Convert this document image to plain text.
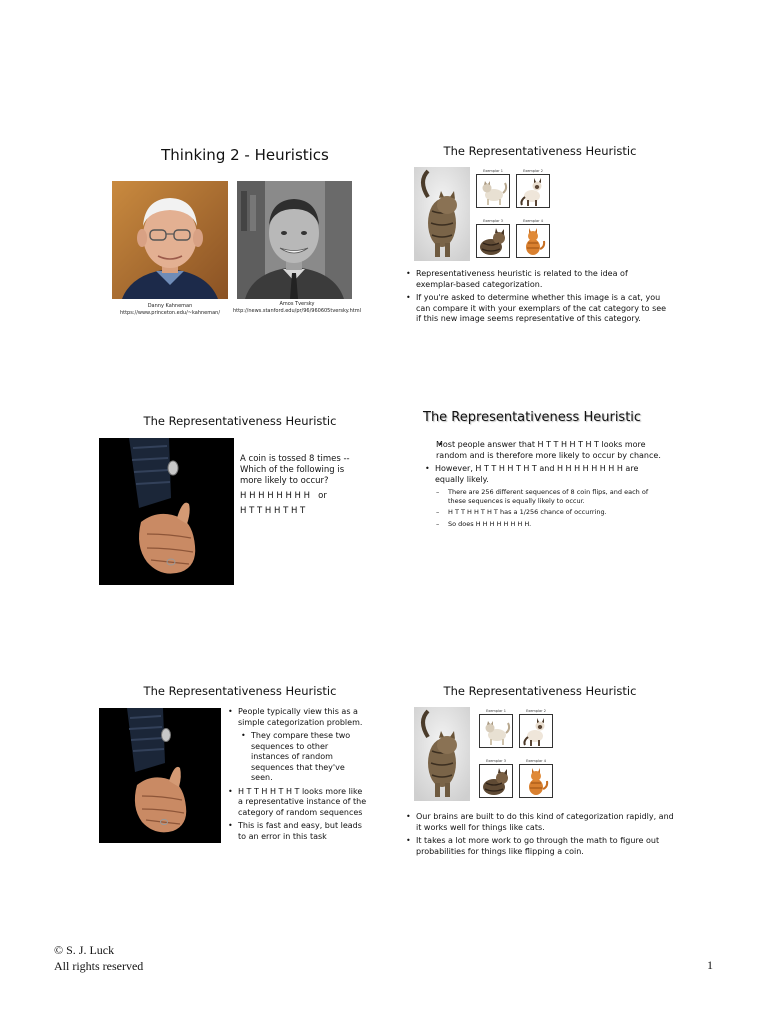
Thinking 2 - Heuristics
Danny Kahneman
https://www.princeton.edu/~kahneman/
Amos Tversky
http://news.stanford.edu/pr/96/960605tversky.html
The Representativeness Heuristic
Exemplar 1	Exemplar 2
Exemplar 3	Exemplar 4
• Representativeness heuristic is related to the idea of exemplar-based categorization.
• If you're asked to determine whether this image is a cat, you can compare it with your exemplars of the cat category to see if this new image seems representative of this category.
The Representativeness Heuristic

A coin is tossed 8 times -- Which of the following is more likely to occur?

H H H H H H H H or

H T T H H T H T

The Representativeness Heuristic
• Most people answer that H T T H H T H T looks more random and is therefore more likely to occur by chance.
• However, H T T H H T H T and H H H H H H H H are equally likely.
– There are 256 different sequences of 8 coin flips, and each of these sequences is equally likely to occur.
– H T T H H T H T has a 1/256 chance of occurring.
– So does H H H H H H H H.
The Representativeness Heuristic
• People typically view this as a simple categorization problem.
• They compare these two sequences to other instances of random sequences that they've seen.
• H T T H H T H T looks more like a representative instance of the category of random sequences
• This is fast and easy, but leads to an error in this task
The Representativeness Heuristic
Exemplar 1	Exemplar 2
Exemplar 3	Exemplar 4
• Our brains are built to do this kind of categorization rapidly, and it works well for things like cats.
• It takes a lot more work to go through the math to figure out probabilities for things like flipping a coin.
© S. J. Luck
All rights reserved	1
